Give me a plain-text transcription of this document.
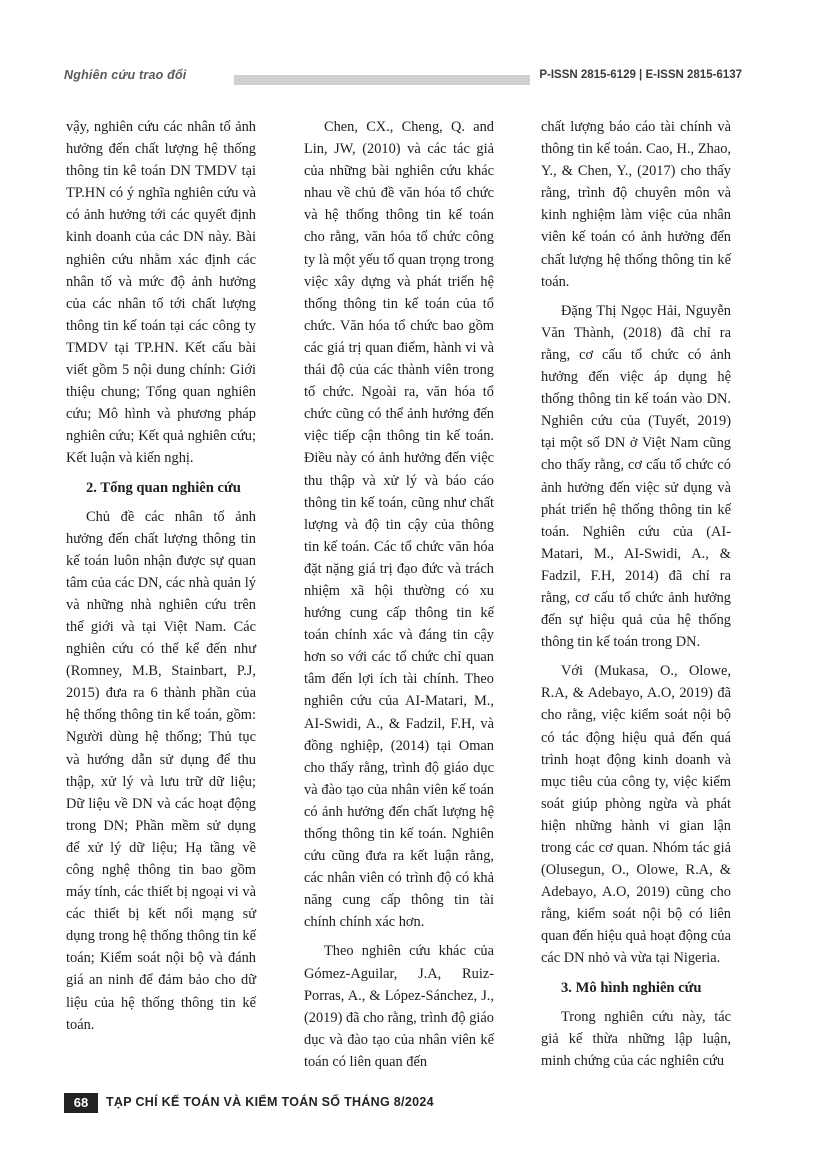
Nghiên cứu trao đổi	P-ISSN 2815-6129 | E-ISSN 2815-6137

vậy, nghiên cứu các nhân tố ảnh hưởng đến chất lượng hệ thống thông tin kê toán DN TMDV tại TP.HN có ý nghĩa nghiên cứu và có ảnh hưởng tới các quyết định kinh doanh của các DN này. Bài nghiên cứu nhằm xác định các nhân tố và mức độ ảnh hưởng của các nhân tố tới chất lượng thông tin kế toán tại các công ty TMDV tại TP.HN. Kết cấu bài viết gồm 5 nội dung chính: Giới thiệu chung; Tổng quan nghiên cứu; Mô hình và phương pháp nghiên cứu; Kết quả nghiên cứu; Kết luận và kiến nghị.

2. Tổng quan nghiên cứu

Chủ đề các nhân tố ảnh hưởng đến chất lượng thông tin kế toán luôn nhận được sự quan tâm của các DN, các nhà quản lý và những nhà nghiên cứu trên thế giới và tại Việt Nam. Các nghiên cứu có thể kể đến như (Romney, M.B, Stainbart, P.J, 2015) đưa ra 6 thành phần của hệ thống thông tin kế toán, gồm: Người dùng hệ thống; Thủ tục và hướng dẫn sử dụng để thu thập, xử lý và lưu trữ dữ liệu; Dữ liệu về DN và các hoạt động trong DN; Phần mềm sử dụng để xử lý dữ liệu; Hạ tầng về công nghệ thông tin bao gồm máy tính, các thiết bị ngoại vi và các thiết bị kết nối mạng sử dụng trong hệ thống thông tin kế toán; Kiểm soát nội bộ và đánh giá an ninh để đảm bảo cho dữ liệu của hệ thống thông tin kế toán.

Chen, CX., Cheng, Q. and Lin, JW, (2010) và các tác giả của những bài nghiên cứu khác nhau về chủ đề văn hóa tổ chức và hệ thống thông tin kế toán cho rằng, văn hóa tổ chức công ty là một yếu tố quan trọng trong việc xây dựng và phát triển hệ thống thông tin kế toán của tổ chức. Văn hóa tổ chức bao gồm các giá trị quan điểm, hành vi và thái độ của các thành viên trong tổ chức. Ngoài ra, văn hóa tổ chức cũng có thể ảnh hưởng đến việc tiếp cận thông tin kế toán. Điều này có ảnh hưởng đến việc thu thập và xử lý và báo cáo thông tin kế toán, cũng như chất lượng và độ tin cậy của thông tin kế toán. Các tổ chức văn hóa đặt nặng giá trị đạo đức và trách nhiệm xã hội thường có xu hướng cung cấp thông tin kế toán chính xác và đáng tin cậy hơn so với các tổ chức chỉ quan tâm đến lợi ích tài chính. Theo nghiên cứu của AI-Matari, M., AI-Swidi, A., & Fadzil, F.H, và đồng nghiệp, (2014) tại Oman cho thấy rằng, trình độ giáo dục và đào tạo của nhân viên kế toán có ảnh hưởng đến chất lượng hệ thống thông tin kế toán. Nghiên cứu cũng đưa ra kết luận rằng, các nhân viên có trình độ có khả năng cung cấp thông tin tài chính chính xác hơn.

Theo nghiên cứu khác của Gómez-Aguilar, J.A, Ruiz-Porras, A., & López-Sánchez, J., (2019) đã cho rằng, trình độ giáo dục và đào tạo của nhân viên kế toán có liên quan đến

chất lượng báo cáo tài chính và thông tin kế toán. Cao, H., Zhao, Y., & Chen, Y., (2017) cho thấy rằng, trình độ chuyên môn và kinh nghiệm làm việc của nhân viên kế toán có ảnh hưởng đến chất lượng hệ thống thông tin kế toán.

Đặng Thị Ngọc Hải, Nguyễn Văn Thành, (2018) đã chỉ ra rằng, cơ cấu tổ chức có ảnh hưởng đến việc áp dụng hệ thống thông tin kế toán vào DN. Nghiên cứu của (Tuyết, 2019) tại một số DN ở Việt Nam cũng cho thấy rằng, cơ cấu tổ chức có ảnh hưởng đến việc sử dụng và phát triển hệ thống thông tin kế toán. Nghiên cứu của (AI-Matari, M., AI-Swidi, A., & Fadzil, F.H, 2014) đã chỉ ra rằng, cơ cấu tổ chức ảnh hưởng đến sự hiệu quả của hệ thống thông tin kế toán trong DN.

Với (Mukasa, O., Olowe, R.A, & Adebayo, A.O, 2019) đã cho rằng, việc kiểm soát nội bộ có tác động hiệu quả đến quá trình hoạt động kinh doanh và mục tiêu của công ty, việc kiểm soát giúp phòng ngừa và phát hiện những hành vi gian lận trong các cơ quan. Nhóm tác giả (Olusegun, O., Olowe, R.A, & Adebayo, A.O, 2019) cũng cho rằng, kiểm soát nội bộ có liên quan đến hiệu quả hoạt động của các DN nhỏ và vừa tại Nigeria.

3. Mô hình nghiên cứu

Trong nghiên cứu này, tác giả kế thừa những lập luận, minh chứng của các nghiên cứu

68	TẠP CHÍ KẾ TOÁN VÀ KIỂM TOÁN SỐ THÁNG 8/2024
